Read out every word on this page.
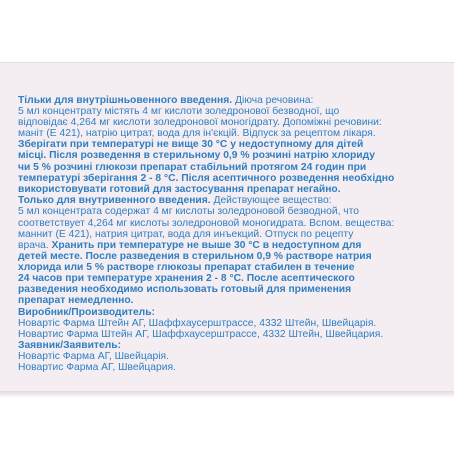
Тільки для внутрішньовенного введення. Діюча речовина:
5 мл концентрату містять 4 мг кислоти золедронової безводної, що
відповідає 4,264 мг кислоти золедронової моногідрату. Допоміжні речовини:
маніт (Е 421), натрію цитрат, вода для ін'єкцій. Відпуск за рецептом лікаря.
Зберігати при температурі не вище 30 °С у недоступному для дітей
місці. Після розведення в стерильному 0,9 % розчині натрію хлориду
чи 5 % розчині глюкози препарат стабільний протягом 24 годин при
температурі зберігання 2 - 8 °С. Після асептичного розведення необхідно
використовувати готовий для застосування препарат негайно.
Только для внутривенного введения. Действующее вещество:
5 мл концентрата содержат 4 мг кислоты золедроновой безводной, что
соответствует 4,264 мг кислоты золедроновой моногидрата. Вспом. вещества:
маннит (Е 421), натрия цитрат, вода для инъекций. Отпуск по рецепту
врача. Хранить при температуре не выше 30 °С в недоступном для
детей месте. После разведения в стерильном 0,9 % растворе натрия
хлорида или 5 % растворе глюкозы препарат стабилен в течение
24 часов при температуре хранения 2 - 8 °С. После асептического
разведения необходимо использовать готовый для применения
препарат немедленно.
Виробник/Производитель:
Новартіс Фарма Штейн АГ, Шаффхаусерштрассе, 4332 Штейн, Швейцарія.
Новартис Фарма Штейн АГ, Шаффхаусерштрассе, 4332 Штейн, Швейцария.
Заявник/Заявитель:
Новартіс Фарма АГ, Швейцарія.
Новартис Фарма АГ, Швейцария.
